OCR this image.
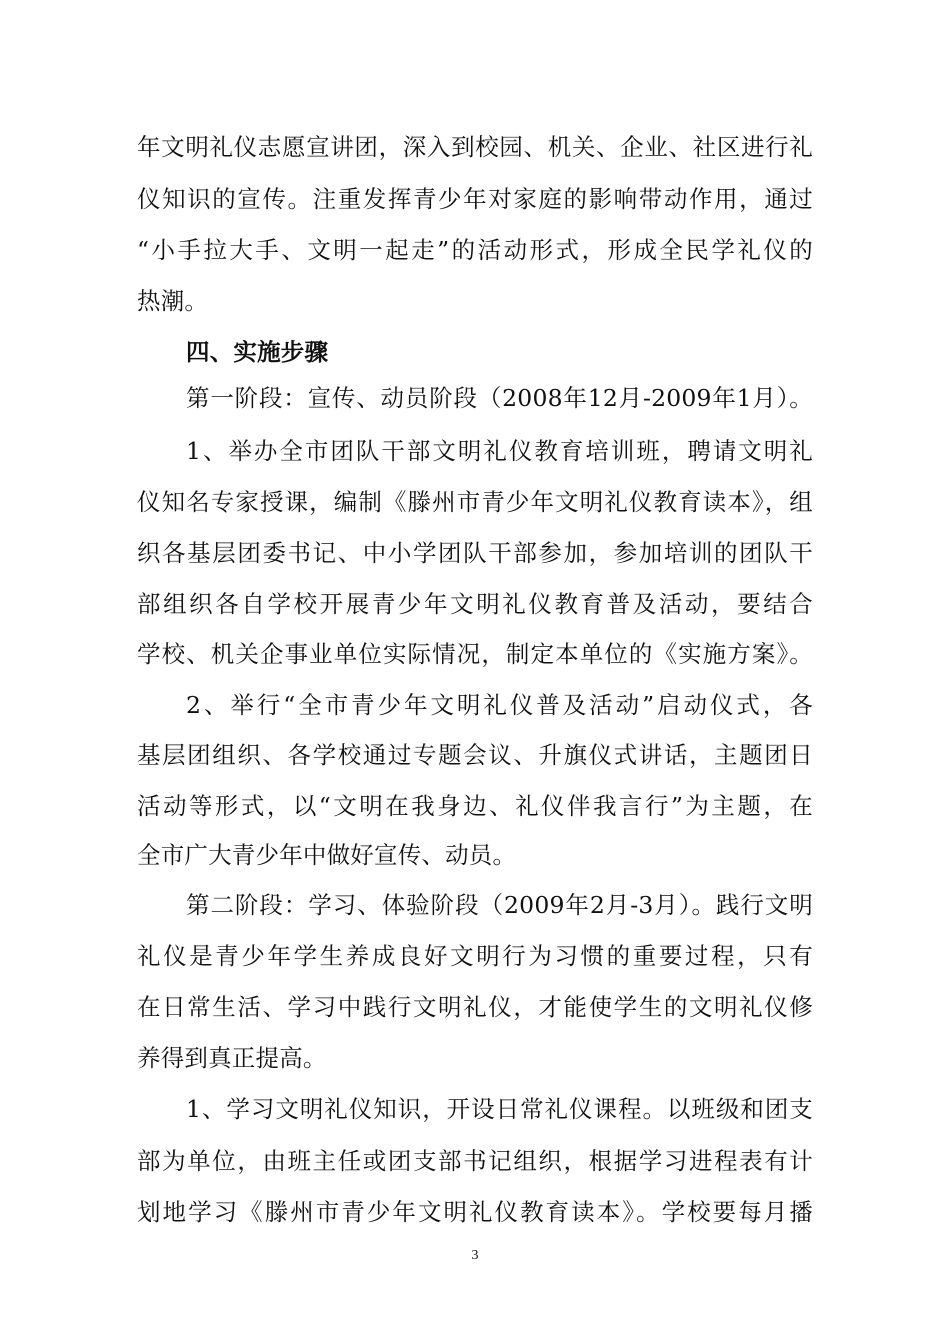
年文明礼仪志愿宣讲团，深入到校园、机关、企业、社区进行礼
仪知识的宣传。注重发挥青少年对家庭的影响带动作用，通过
“小手拉大手、文明一起走”的活动形式，形成全民学礼仪的
热潮。
四、实施步骤
第一阶段：宣传、动员阶段（2008年12月-2009年1月）。
1、举办全市团队干部文明礼仪教育培训班，聘请文明礼
仪知名专家授课，编制《滕州市青少年文明礼仪教育读本》，组
织各基层团委书记、中小学团队干部参加，参加培训的团队干
部组织各自学校开展青少年文明礼仪教育普及活动，要结合
学校、机关企事业单位实际情况，制定本单位的《实施方案》。
2、举行“全市青少年文明礼仪普及活动”启动仪式，各
基层团组织、各学校通过专题会议、升旗仪式讲话，主题团日
活动等形式，以“文明在我身边、礼仪伴我言行”为主题，在
全市广大青少年中做好宣传、动员。
第二阶段：学习、体验阶段（2009年2月-3月）。践行文明
礼仪是青少年学生养成良好文明行为习惯的重要过程，只有
在日常生活、学习中践行文明礼仪，才能使学生的文明礼仪修
养得到真正提高。
1、学习文明礼仪知识，开设日常礼仪课程。以班级和团支
部为单位，由班主任或团支部书记组织，根据学习进程表有计
划地学习《滕州市青少年文明礼仪教育读本》。学校要每月播
3
